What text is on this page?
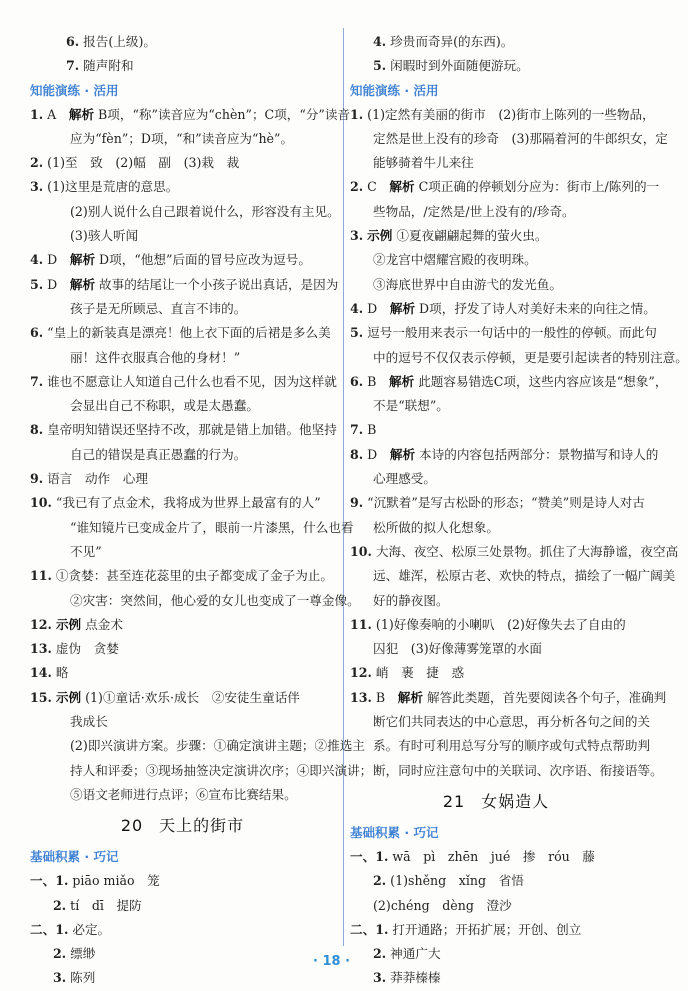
6. 报告(上级)。
7. 随声附和
知能演练 · 活用
1. A　解析 B项，“称”读音应为“chèn”；C项，“分”读音
应为“fèn”；D项，“和”读音应为“hè”。
2. (1)至　致　(2)幅　副　(3)栽　裁
3. (1)这里是荒唐的意思。
(2)别人说什么自己跟着说什么，形容没有主见。
(3)骇人听闻
4. D　解析 D项，“他想”后面的冒号应改为逗号。
5. D　解析 故事的结尾让一个小孩子说出真话，是因为
孩子是无所顾忌、直言不讳的。
6. “皇上的新装真是漂亮！他上衣下面的后裙是多么美
丽！这件衣服真合他的身材！”
7. 谁也不愿意让人知道自己什么也看不见，因为这样就
会显出自己不称职，或是太愚蠢。
8. 皇帝明知错误还坚持不改，那就是错上加错。他坚持
自己的错误是真正愚蠢的行为。
9. 语言　动作　心理
10. “我已有了点金术，我将成为世界上最富有的人”
“谁知镜片已变成金片了，眼前一片漆黑，什么也看
不见”
11. ①贪婪：甚至连花蕊里的虫子都变成了金子为止。
②灾害：突然间，他心爱的女儿也变成了一尊金像。
12. 示例 点金术
13. 虚伪　贪婪
14. 略
15. 示例 (1)①童话·欢乐·成长　②安徒生童话伴
我成长
(2)即兴演讲方案。步骤：①确定演讲主题；②推选主
持人和评委；③现场抽签决定演讲次序；④即兴演讲；
⑤语文老师进行点评；⑥宣布比赛结果。
20 天上的街市
基础积累 · 巧记
一、1. piāo miǎo　笼
2. tí　dī　提防
二、1. 必定。
2. 缥缈
3. 陈列
4. 珍贵而奇异(的东西)。
5. 闲暇时到外面随便游玩。
知能演练 · 活用
1. (1)定然有美丽的街市　(2)街市上陈列的一些物品，
定然是世上没有的珍奇　(3)那隔着河的牛郎织女，定
能够骑着牛儿来往
2. C　解析 C项正确的停顿划分应为：街市上/陈列的一
些物品，/定然是/世上没有的/珍奇。
3. 示例 ①夏夜翩翩起舞的萤火虫。
②龙宫中熠耀宫殿的夜明珠。
③海底世界中自由游弋的发光鱼。
4. D　解析 D项，抒发了诗人对美好未来的向往之情。
5. 逗号一般用来表示一句话中的一般性的停顿。而此句
中的逗号不仅仅表示停顿，更是要引起读者的特别注意。
6. B　解析 此题容易错选C项，这些内容应该是“想象”，
不是“联想”。
7. B
8. D　解析 本诗的内容包括两部分：景物描写和诗人的
心理感受。
9. “沉默着”是写古松卧的形态；“赞美”则是诗人对古
松所做的拟人化想象。
10. 大海、夜空、松原三处景物。抓住了大海静谧，夜空高
远、雄浑，松原古老、欢快的特点，描绘了一幅广阔美
好的静夜图。
11. (1)好像奏响的小喇叭　(2)好像失去了自由的
囚犯　(3)好像薄雾笼罩的水面
12. 峭　裹　捷　惑
13. B　解析 解答此类题，首先要阅读各个句子，准确判
断它们共同表达的中心意思，再分析各句之间的关
系。有时可利用总写分写的顺序或句式特点帮助判
断，同时应注意句中的关联词、次序语、衔接语等。
21 女娲造人
基础积累 · 巧记
一、1. wā　pì　zhēn　jué　掺　róu　藤
2. (1)shěng　xǐng　省悟
(2)chéng　dèng　澄沙
二、1. 打开通路；开拓扩展；开创、创立
2. 神通广大
3. 莽莽榛榛
· 18 ·
